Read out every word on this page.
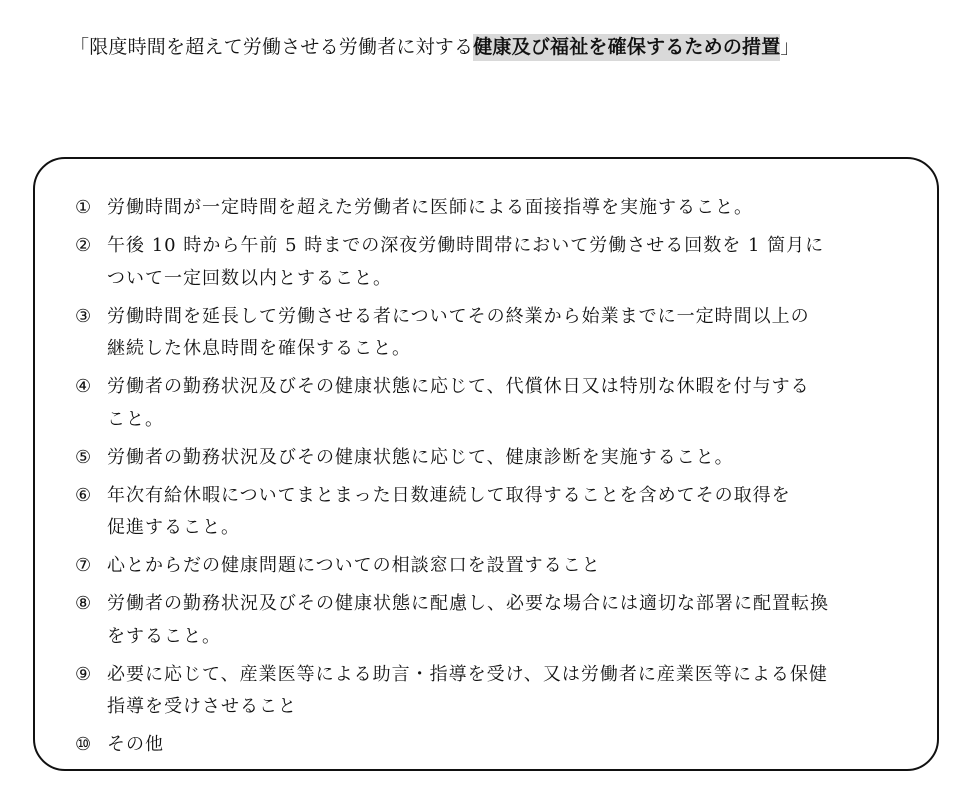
「限度時間を超えて労働させる労働者に対する健康及び福祉を確保するための措置」
① 労働時間が一定時間を超えた労働者に医師による面接指導を実施すること。
② 午後 10 時から午前 5 時までの深夜労働時間帯において労働させる回数を 1 箇月に
ついて一定回数以内とすること。
③ 労働時間を延長して労働させる者についてその終業から始業までに一定時間以上の
継続した休息時間を確保すること。
④ 労働者の勤務状況及びその健康状態に応じて、代償休日又は特別な休暇を付与する
こと。
⑤ 労働者の勤務状況及びその健康状態に応じて、健康診断を実施すること。
⑥ 年次有給休暇についてまとまった日数連続して取得することを含めてその取得を
促進すること。
⑦ 心とからだの健康問題についての相談窓口を設置すること
⑧ 労働者の勤務状況及びその健康状態に配慮し、必要な場合には適切な部署に配置転換
をすること。
⑨ 必要に応じて、産業医等による助言・指導を受け、又は労働者に産業医等による保健
指導を受けさせること
⑩ その他
